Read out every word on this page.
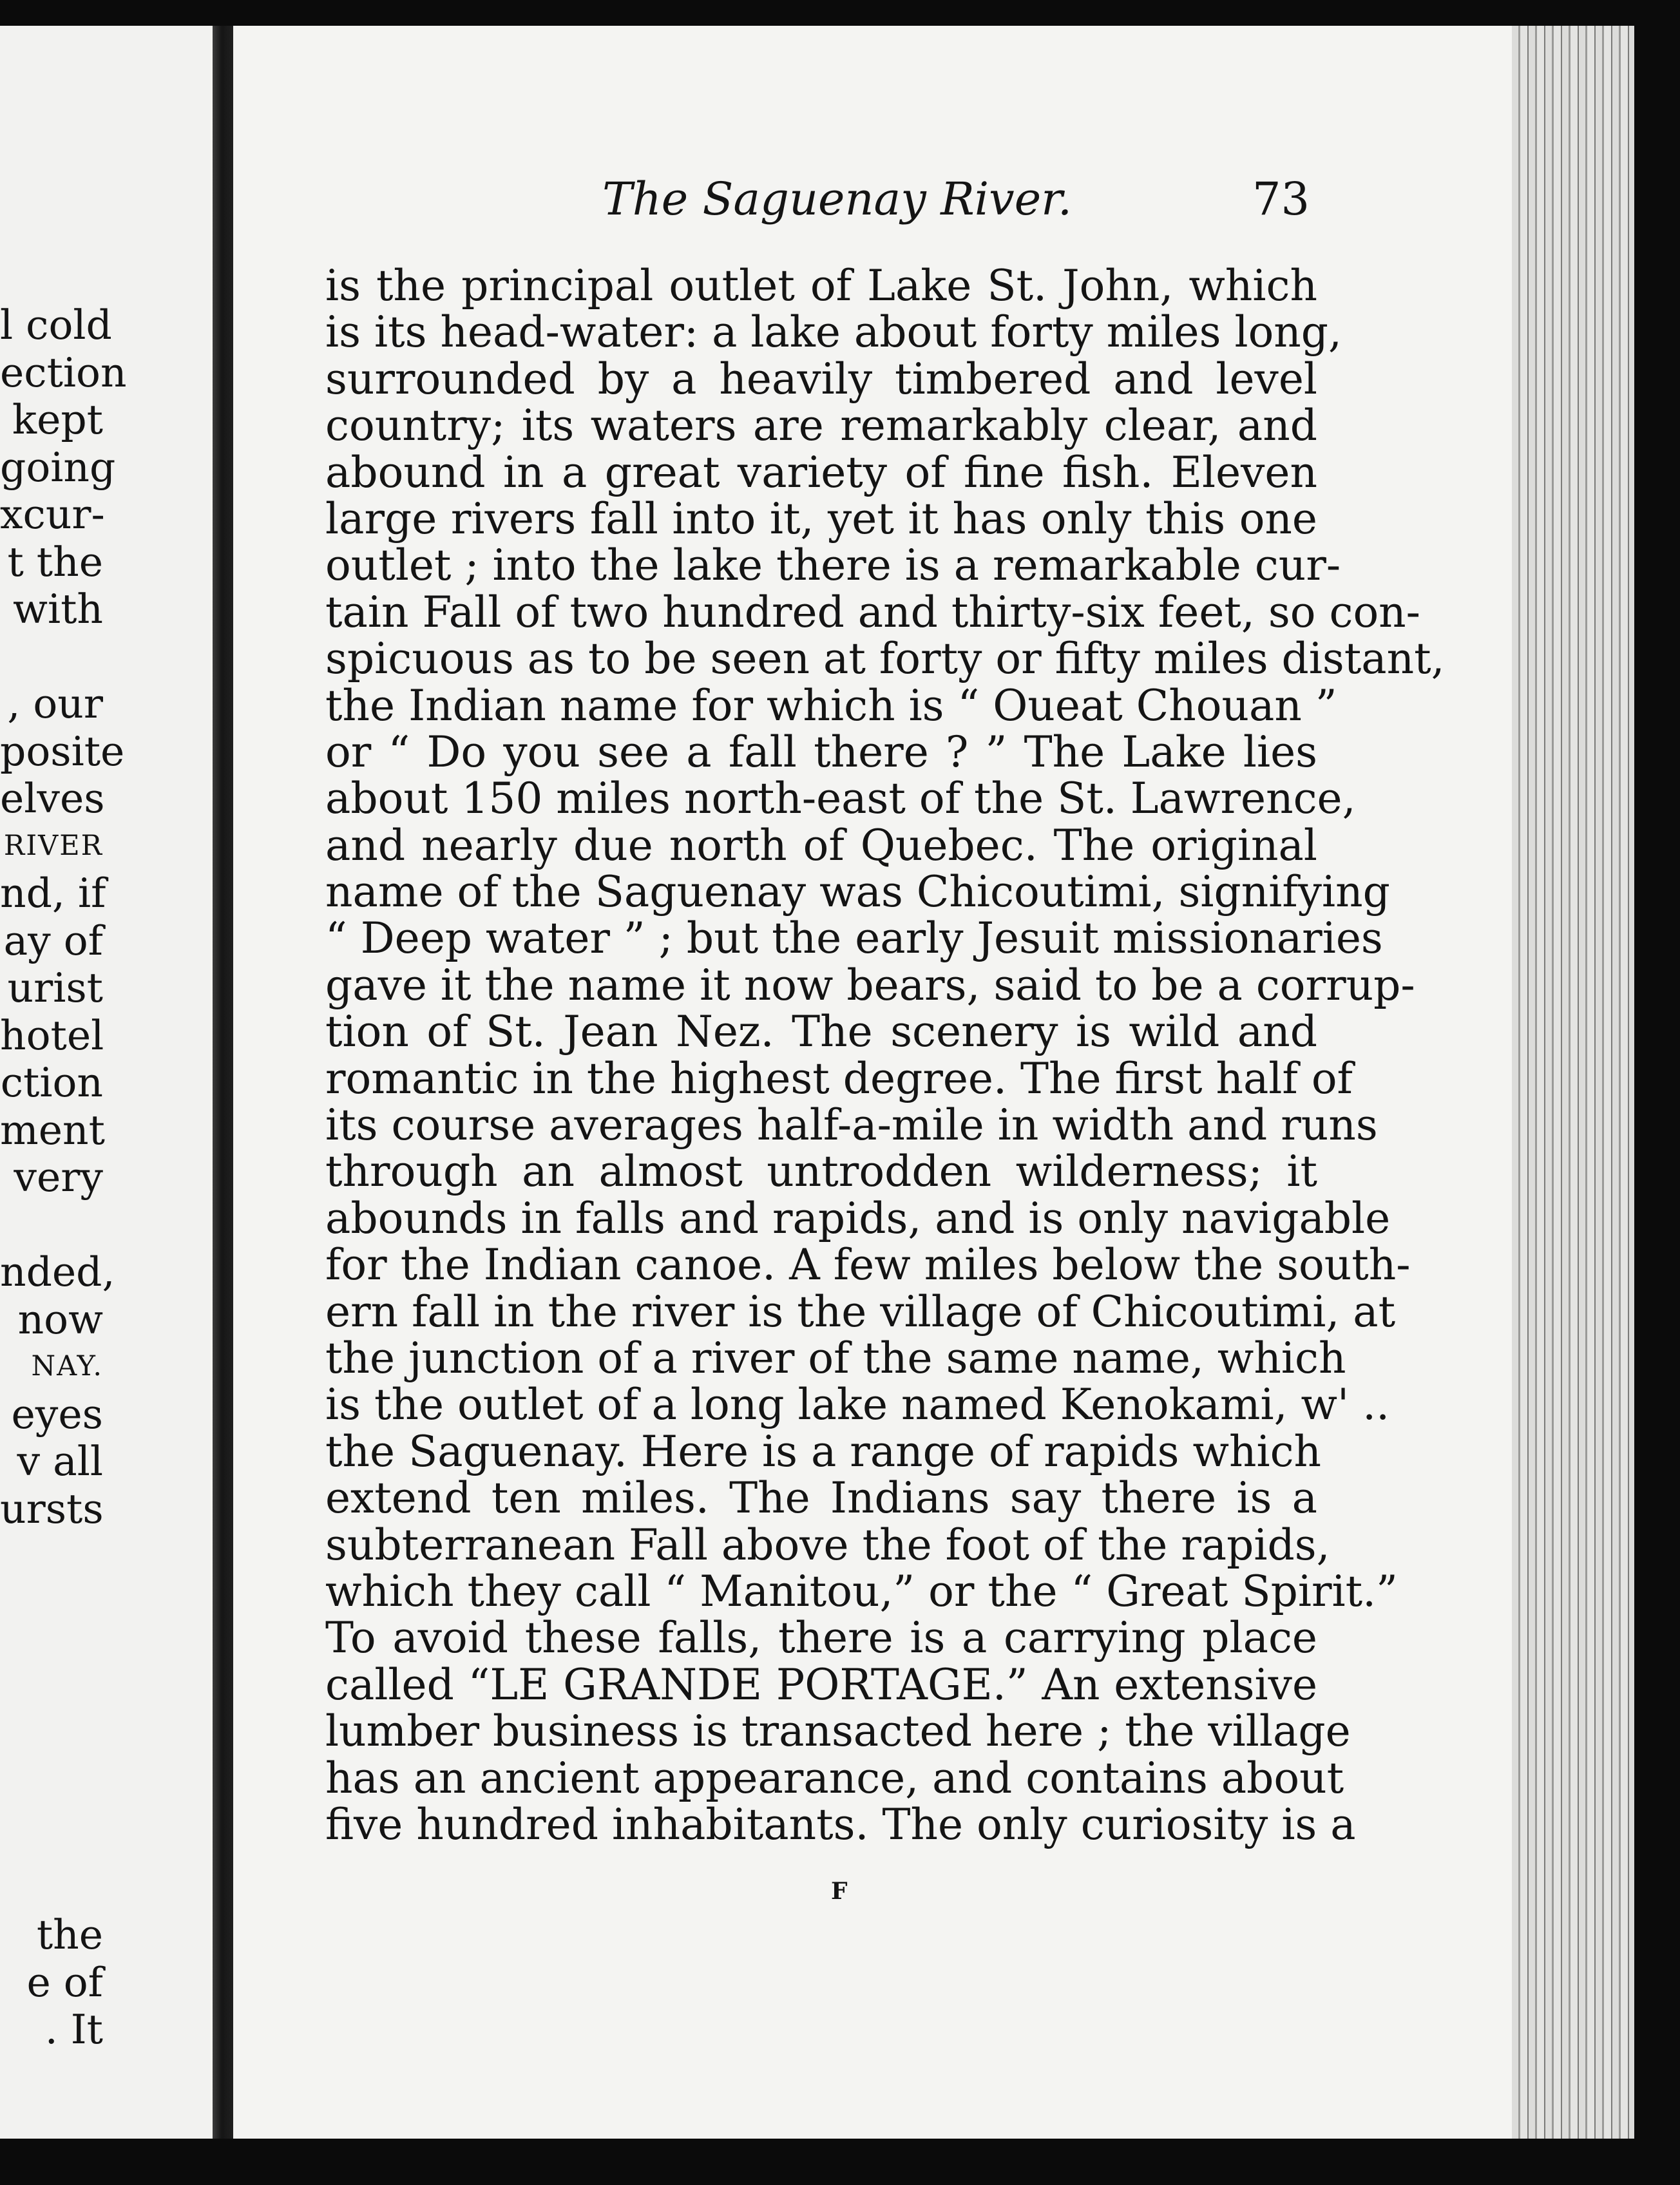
l cold
ection
kept
going
xcur-
t the
with
, our
posite
elves
RIVER
nd, if
ay of
urist
hotel
ction
ment
very
nded,
now
NAY.
eyes
v all
ursts
the
e of
. It
The Saguenay River.	73
is the principal outlet of Lake St. John, which
is its head-water: a lake about forty miles long,
surrounded by a heavily timbered and level
country; its waters are remarkably clear, and
abound in a great variety of fine fish. Eleven
large rivers fall into it, yet it has only this one
outlet ; into the lake there is a remarkable cur-
tain Fall of two hundred and thirty-six feet, so con-
spicuous as to be seen at forty or fifty miles distant,
the Indian name for which is “ Oueat Chouan ”
or “ Do you see a fall there ? ” The Lake lies
about 150 miles north-east of the St. Lawrence,
and nearly due north of Quebec. The original
name of the Saguenay was Chicoutimi, signifying
“ Deep water ” ; but the early Jesuit missionaries
gave it the name it now bears, said to be a corrup-
tion of St. Jean Nez. The scenery is wild and
romantic in the highest degree. The first half of
its course averages half-a-mile in width and runs
through an almost untrodden wilderness; it
abounds in falls and rapids, and is only navigable
for the Indian canoe. A few miles below the south-
ern fall in the river is the village of Chicoutimi, at
the junction of a river of the same name, which
is the outlet of a long lake named Kenokami, w' ..
the Saguenay. Here is a range of rapids which
extend ten miles. The Indians say there is a
subterranean Fall above the foot of the rapids,
which they call “ Manitou,” or the “ Great Spirit.”
To avoid these falls, there is a carrying place
called “LE GRANDE PORTAGE.” An extensive
lumber business is transacted here ; the village
has an ancient appearance, and contains about
five hundred inhabitants. The only curiosity is a
F
